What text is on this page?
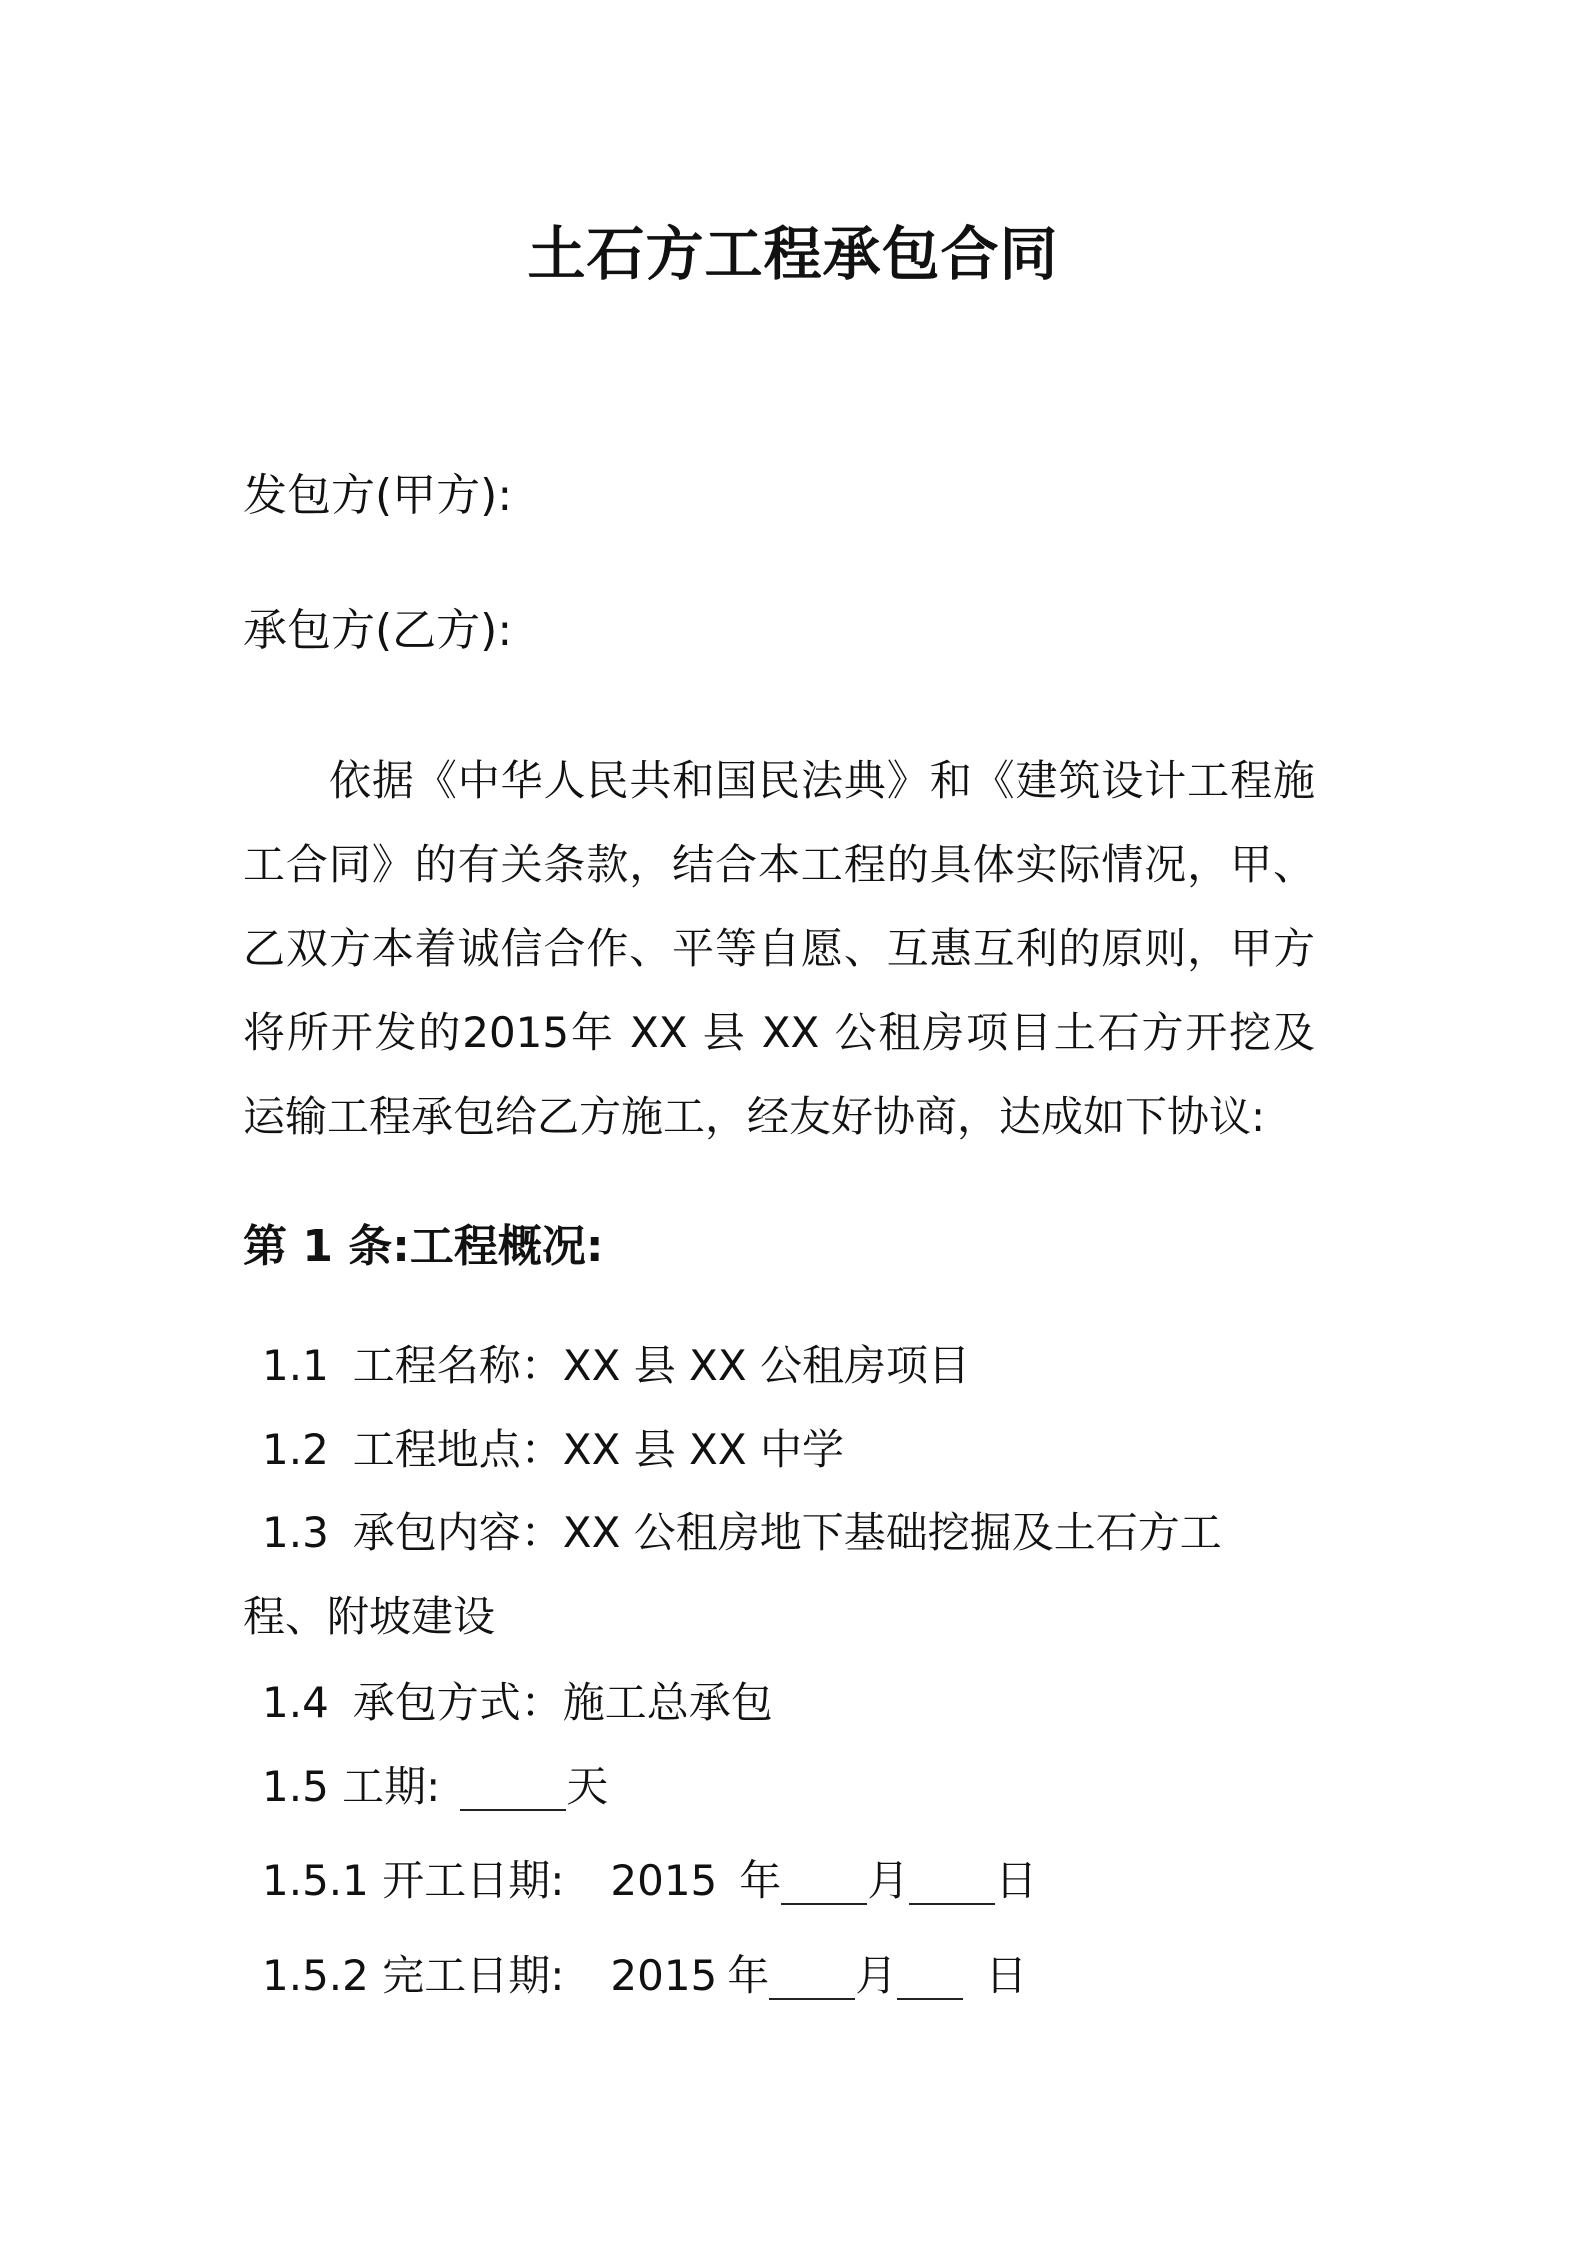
土石方工程承包合同
发包方(甲方):
承包方(乙方):
依据《中华人民共和国民法典》和《建筑设计工程施工合同》的有关条款，结合本工程的具体实际情况，甲、乙双方本着诚信合作、平等自愿、互惠互利的原则，甲方将所开发的2015年 XX 县 XX 公租房项目土石方开挖及运输工程承包给乙方施工，经友好协商，达成如下协议:
第 1 条:工程概况:
1.1 工程名称：XX 县 XX 公租房项目
1.2 工程地点：XX 县 XX 中学
1.3 承包内容：XX 公租房地下基础挖掘及土石方工程、附坡建设
1.4 承包方式：施工总承包
1.5 工期:	天
1.5.1 开工日期: 2015 年 月 日
1.5.2 完工日期: 2015 年 月 日
